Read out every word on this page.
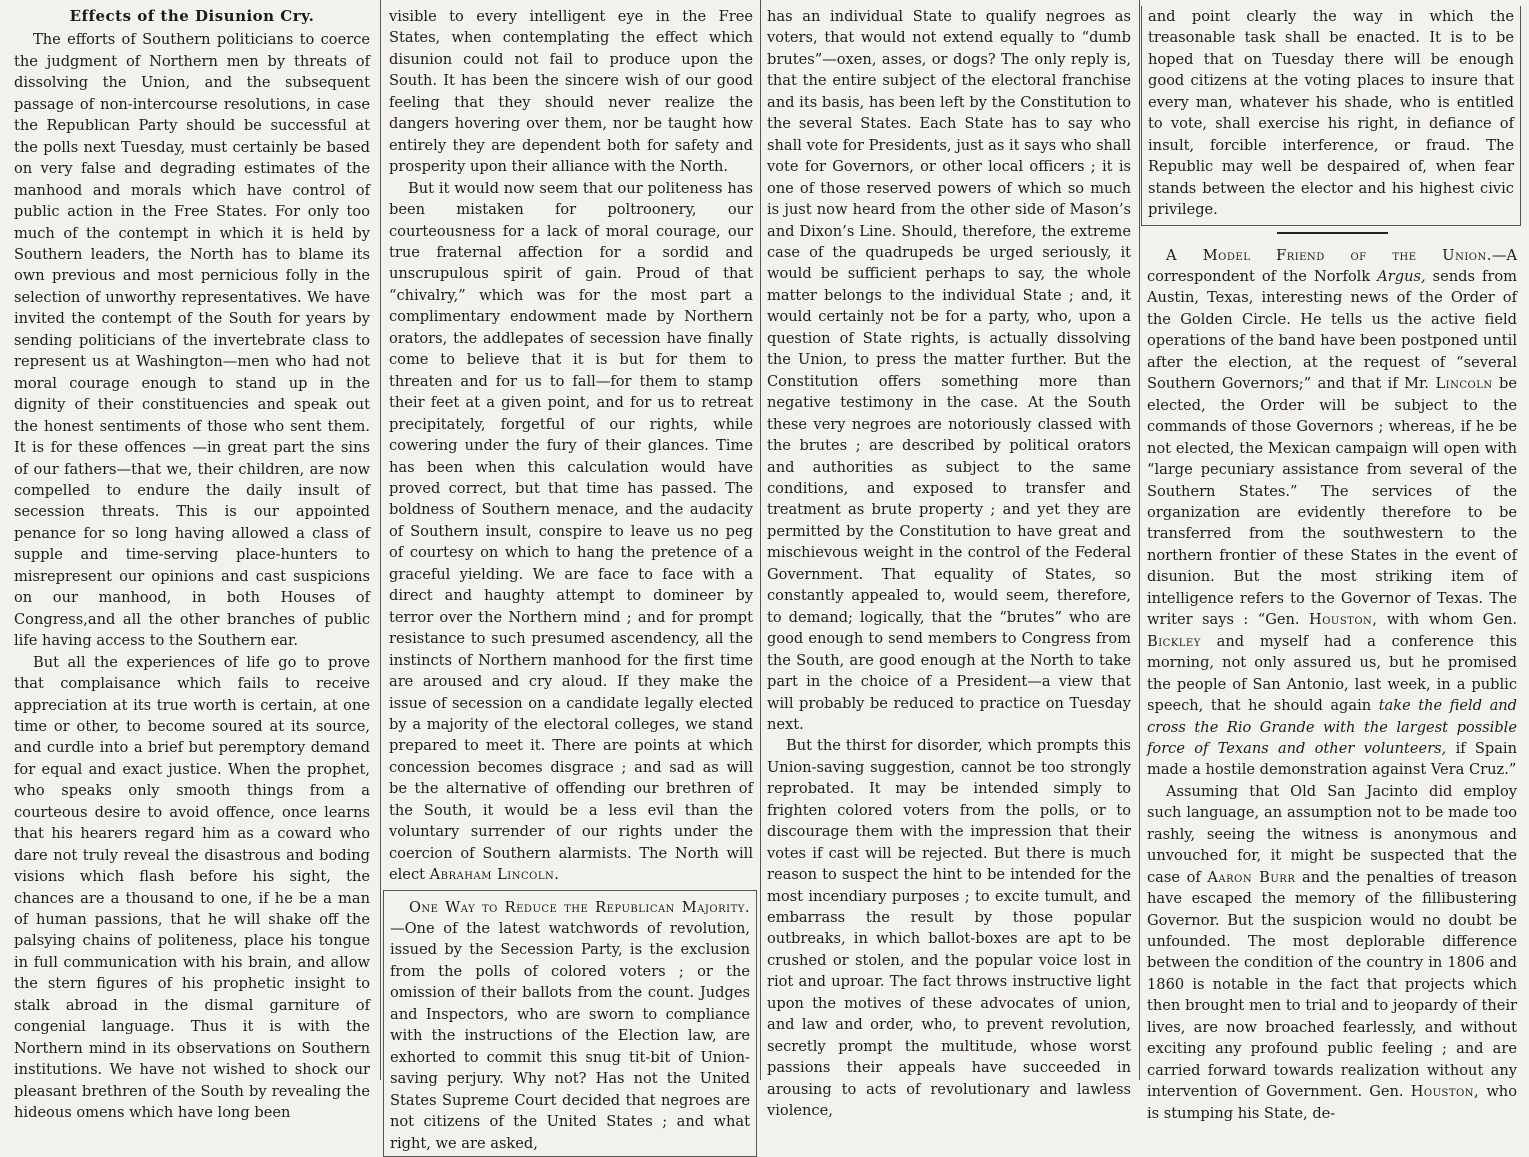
Effects of the Disunion Cry.

The efforts of Southern politicians to coerce the judgment of Northern men by threats of dissolving the Union, and the subsequent passage of non-intercourse resolutions, in case the Republican Party should be successful at the polls next Tuesday, must certainly be based on very false and degrading estimates of the manhood and morals which have control of public action in the Free States. For only too much of the contempt in which it is held by Southern leaders, the North has to blame its own previous and most pernicious folly in the selection of unworthy representatives. We have invited the contempt of the South for years by sending politicians of the invertebrate class to represent us at Washington—men who had not moral courage enough to stand up in the dignity of their constituencies and speak out the honest sentiments of those who sent them. It is for these offences —in great part the sins of our fathers—that we, their children, are now compelled to endure the daily insult of secession threats. This is our appointed penance for so long having allowed a class of supple and time-serving place-hunters to misrepresent our opinions and cast suspicions on our manhood, in both Houses of Congress,and all the other branches of public life having access to the Southern ear.

But all the experiences of life go to prove that complaisance which fails to receive appreciation at its true worth is certain, at one time or other, to become soured at its source, and curdle into a brief but peremptory demand for equal and exact justice. When the prophet, who speaks only smooth things from a courteous desire to avoid offence, once learns that his hearers regard him as a coward who dare not truly reveal the disastrous and boding visions which flash before his sight, the chances are a thousand to one, if he be a man of human passions, that he will shake off the palsying chains of politeness, place his tongue in full communication with his brain, and allow the stern figures of his prophetic insight to stalk abroad in the dismal garniture of congenial language. Thus it is with the Northern mind in its observations on Southern institutions. We have not wished to shock our pleasant brethren of the South by revealing the hideous omens which have long been

visible to every intelligent eye in the Free States, when contemplating the effect which disunion could not fail to produce upon the South. It has been the sincere wish of our good feeling that they should never realize the dangers hovering over them, nor be taught how entirely they are dependent both for safety and prosperity upon their alliance with the North.

But it would now seem that our politeness has been mistaken for poltroonery, our courteousness for a lack of moral courage, our true fraternal affection for a sordid and unscrupulous spirit of gain. Proud of that “chivalry,” which was for the most part a complimentary endowment made by Northern orators, the addlepates of secession have finally come to believe that it is but for them to threaten and for us to fall—for them to stamp their feet at a given point, and for us to retreat precipitately, forgetful of our rights, while cowering under the fury of their glances. Time has been when this calculation would have proved correct, but that time has passed. The boldness of Southern menace, and the audacity of Southern insult, conspire to leave us no peg of courtesy on which to hang the pretence of a graceful yielding. We are face to face with a direct and haughty attempt to domineer by terror over the Northern mind ; and for prompt resistance to such presumed ascendency, all the instincts of Northern manhood for the first time are aroused and cry aloud. If they make the issue of secession on a candidate legally elected by a majority of the electoral colleges, we stand prepared to meet it. There are points at which concession becomes disgrace ; and sad as will be the alternative of offending our brethren of the South, it would be a less evil than the voluntary surrender of our rights under the coercion of Southern alarmists. The North will elect Abraham Lincoln.

One Way to Reduce the Republican Majority.—One of the latest watchwords of revolution, issued by the Secession Party, is the exclusion from the polls of colored voters ; or the omission of their ballots from the count. Judges and Inspectors, who are sworn to compliance with the instructions of the Election law, are exhorted to commit this snug tit-bit of Union-saving perjury. Why not? Has not the United States Supreme Court decided that negroes are not citizens of the United States ; and what right, we are asked,

has an individual State to qualify negroes as voters, that would not extend equally to “dumb brutes”—oxen, asses, or dogs? The only reply is, that the entire subject of the electoral franchise and its basis, has been left by the Constitution to the several States. Each State has to say who shall vote for Presidents, just as it says who shall vote for Governors, or other local officers ; it is one of those reserved powers of which so much is just now heard from the other side of Mason’s and Dixon’s Line. Should, therefore, the extreme case of the quadrupeds be urged seriously, it would be sufficient perhaps to say, the whole matter belongs to the individual State ; and, it would certainly not be for a party, who, upon a question of State rights, is actually dissolving the Union, to press the matter further. But the Constitution offers something more than negative testimony in the case. At the South these very negroes are notoriously classed with the brutes ; are described by political orators and authorities as subject to the same conditions, and exposed to transfer and treatment as brute property ; and yet they are permitted by the Constitution to have great and mischievous weight in the control of the Federal Government. That equality of States, so constantly appealed to, would seem, therefore, to demand; logically, that the “brutes” who are good enough to send members to Congress from the South, are good enough at the North to take part in the choice of a President—a view that will probably be reduced to practice on Tuesday next.

But the thirst for disorder, which prompts this Union-saving suggestion, cannot be too strongly reprobated. It may be intended simply to frighten colored voters from the polls, or to discourage them with the impression that their votes if cast will be rejected. But there is much reason to suspect the hint to be intended for the most incendiary purposes ; to excite tumult, and embarrass the result by those popular outbreaks, in which ballot-boxes are apt to be crushed or stolen, and the popular voice lost in riot and uproar. The fact throws instructive light upon the motives of these advocates of union, and law and order, who, to prevent revolution, secretly prompt the multitude, whose worst passions their appeals have succeeded in arousing to acts of revolutionary and lawless violence,

and point clearly the way in which the treasonable task shall be enacted. It is to be hoped that on Tuesday there will be enough good citizens at the voting places to insure that every man, whatever his shade, who is entitled to vote, shall exercise his right, in defiance of insult, forcible interference, or fraud. The Republic may well be despaired of, when fear stands between the elector and his highest civic privilege.

A Model Friend of the Union.—A correspondent of the Norfolk Argus, sends from Austin, Texas, interesting news of the Order of the Golden Circle. He tells us the active field operations of the band have been postponed until after the election, at the request of “several Southern Governors;” and that if Mr. Lincoln be elected, the Order will be subject to the commands of those Governors ; whereas, if he be not elected, the Mexican campaign will open with “large pecuniary assistance from several of the Southern States.” The services of the organization are evidently therefore to be transferred from the southwestern to the northern frontier of these States in the event of disunion. But the most striking item of intelligence refers to the Governor of Texas. The writer says : “Gen. Houston, with whom Gen. Bickley and myself had a conference this morning, not only assured us, but he promised the people of San Antonio, last week, in a public speech, that he should again take the field and cross the Rio Grande with the largest possible force of Texans and other volunteers, if Spain made a hostile demonstration against Vera Cruz.”

Assuming that Old San Jacinto did employ such language, an assumption not to be made too rashly, seeing the witness is anonymous and unvouched for, it might be suspected that the case of Aaron Burr and the penalties of treason have escaped the memory of the fillibustering Governor. But the suspicion would no doubt be unfounded. The most deplorable difference between the condition of the country in 1806 and 1860 is notable in the fact that projects which then brought men to trial and to jeopardy of their lives, are now broached fearlessly, and without exciting any profound public feeling ; and are carried forward towards realization without any intervention of Government. Gen. Houston, who is stumping his State, de-
